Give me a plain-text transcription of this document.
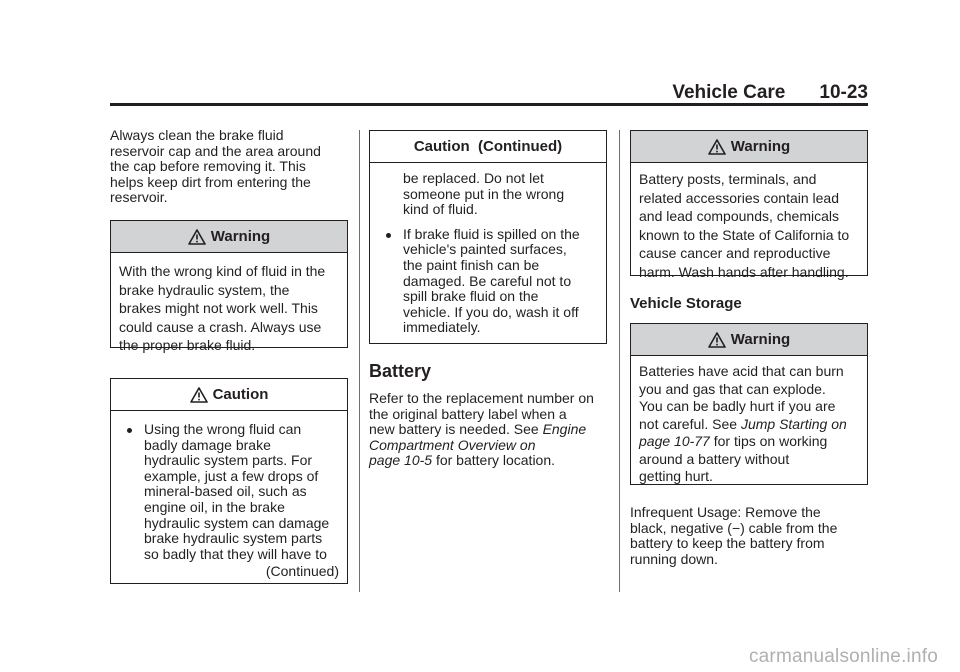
Vehicle Care 10-23
Always clean the brake fluid
reservoir cap and the area around
the cap before removing it. This
helps keep dirt from entering the
reservoir.
Warning
With the wrong kind of fluid in the
brake hydraulic system, the
brakes might not work well. This
could cause a crash. Always use
the proper brake fluid.
Caution
Using the wrong fluid can
badly damage brake
hydraulic system parts. For
example, just a few drops of
mineral-based oil, such as
engine oil, in the brake
hydraulic system can damage
brake hydraulic system parts
so badly that they will have to
(Continued)
Caution  (Continued)
be replaced. Do not let
someone put in the wrong
kind of fluid.
If brake fluid is spilled on the
vehicle's painted surfaces,
the paint finish can be
damaged. Be careful not to
spill brake fluid on the
vehicle. If you do, wash it off
immediately.
Battery
Refer to the replacement number on
the original battery label when a
new battery is needed. See Engine
Compartment Overview on
page 10-5 for battery location.
Warning
Battery posts, terminals, and
related accessories contain lead
and lead compounds, chemicals
known to the State of California to
cause cancer and reproductive
harm. Wash hands after handling.
Vehicle Storage
Warning
Batteries have acid that can burn
you and gas that can explode.
You can be badly hurt if you are
not careful. See Jump Starting on
page 10-77 for tips on working
around a battery without
getting hurt.
Infrequent Usage: Remove the
black, negative (−) cable from the
battery to keep the battery from
running down.
carmanualsonline.info
